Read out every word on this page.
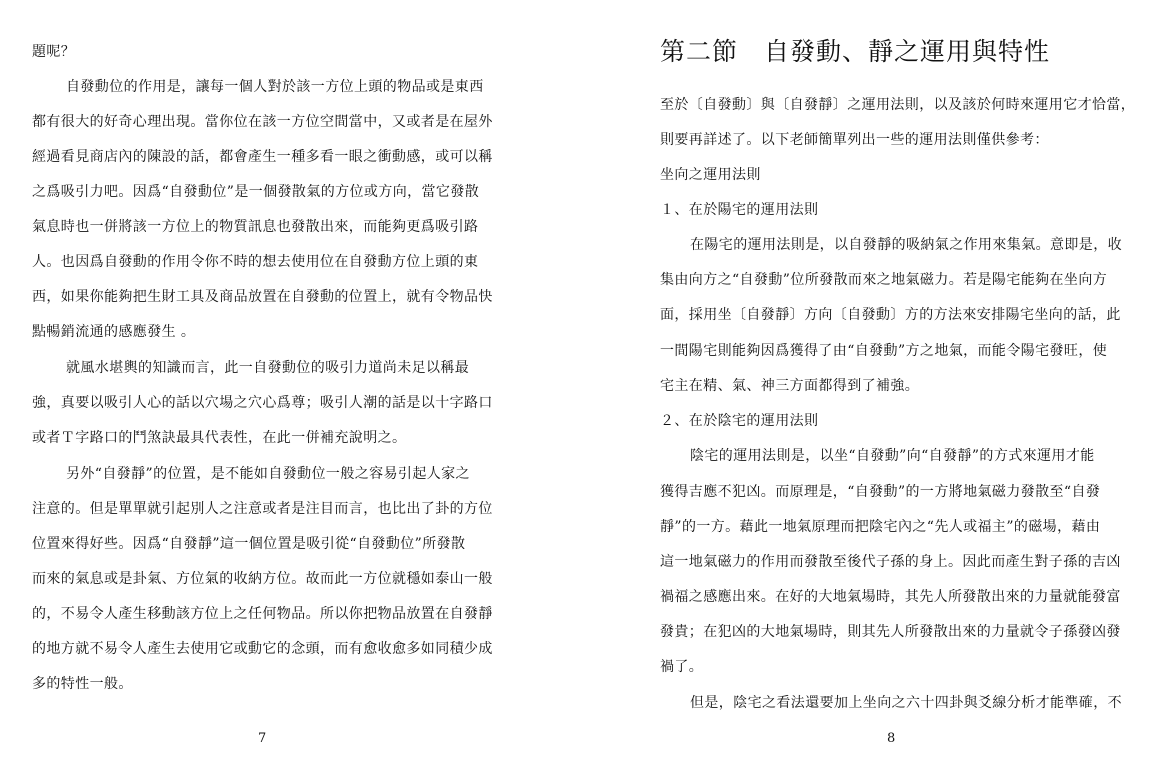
題呢？
自發動位的作用是，讓每一個人對於該一方位上頭的物品或是東西
都有很大的好奇心理出現。當你位在該一方位空間當中，又或者是在屋外
經過看見商店內的陳設的話，都會產生一種多看一眼之衝動感，或可以稱
之爲吸引力吧。因爲“自發動位”是一個發散氣的方位或方向，當它發散
氣息時也一併將該一方位上的物質訊息也發散出來，而能夠更爲吸引路
人。也因爲自發動的作用令你不時的想去使用位在自發動方位上頭的東
西，如果你能夠把生財工具及商品放置在自發動的位置上，就有令物品快
點暢銷流通的感應發生 。
就風水堪輿的知識而言，此一自發動位的吸引力道尚未足以稱最
強，真要以吸引人心的話以穴場之穴心爲尊；吸引人潮的話是以十字路口
或者Ｔ字路口的鬥煞訣最具代表性，在此一併補充說明之。
另外“自發靜”的位置，是不能如自發動位一般之容易引起人家之
注意的。但是單單就引起別人之注意或者是注目而言，也比出了卦的方位
位置來得好些。因爲“自發靜”這一個位置是吸引從“自發動位”所發散
而來的氣息或是卦氣、方位氣的收納方位。故而此一方位就穩如泰山一般
的，不易令人產生移動該方位上之任何物品。所以你把物品放置在自發靜
的地方就不易令人產生去使用它或動它的念頭，而有愈收愈多如同積少成
多的特性一般。
7
第二節　自發動、靜之運用與特性
至於〔自發動〕與〔自發靜〕之運用法則，以及該於何時來運用它才恰當，
則要再詳述了。以下老師簡單列出一些的運用法則僅供參考：
坐向之運用法則
１、在於陽宅的運用法則
在陽宅的運用法則是，以自發靜的吸納氣之作用來集氣。意即是，收
集由向方之“自發動”位所發散而來之地氣磁力。若是陽宅能夠在坐向方
面，採用坐〔自發靜〕方向〔自發動〕方的方法來安排陽宅坐向的話，此
一間陽宅則能夠因爲獲得了由“自發動”方之地氣，而能令陽宅發旺，使
宅主在精、氣、神三方面都得到了補強。
２、在於陰宅的運用法則
陰宅的運用法則是，以坐“自發動”向“自發靜”的方式來運用才能
獲得吉應不犯凶。而原理是，“自發動”的一方將地氣磁力發散至“自發
靜”的一方。藉此一地氣原理而把陰宅內之“先人或福主”的磁場，藉由
這一地氣磁力的作用而發散至後代子孫的身上。因此而產生對子孫的吉凶
禍福之感應出來。在好的大地氣場時，其先人所發散出來的力量就能發富
發貴；在犯凶的大地氣場時，則其先人所發散出來的力量就令子孫發凶發
禍了。
但是，陰宅之看法還要加上坐向之六十四卦與爻線分析才能準確，不
8
